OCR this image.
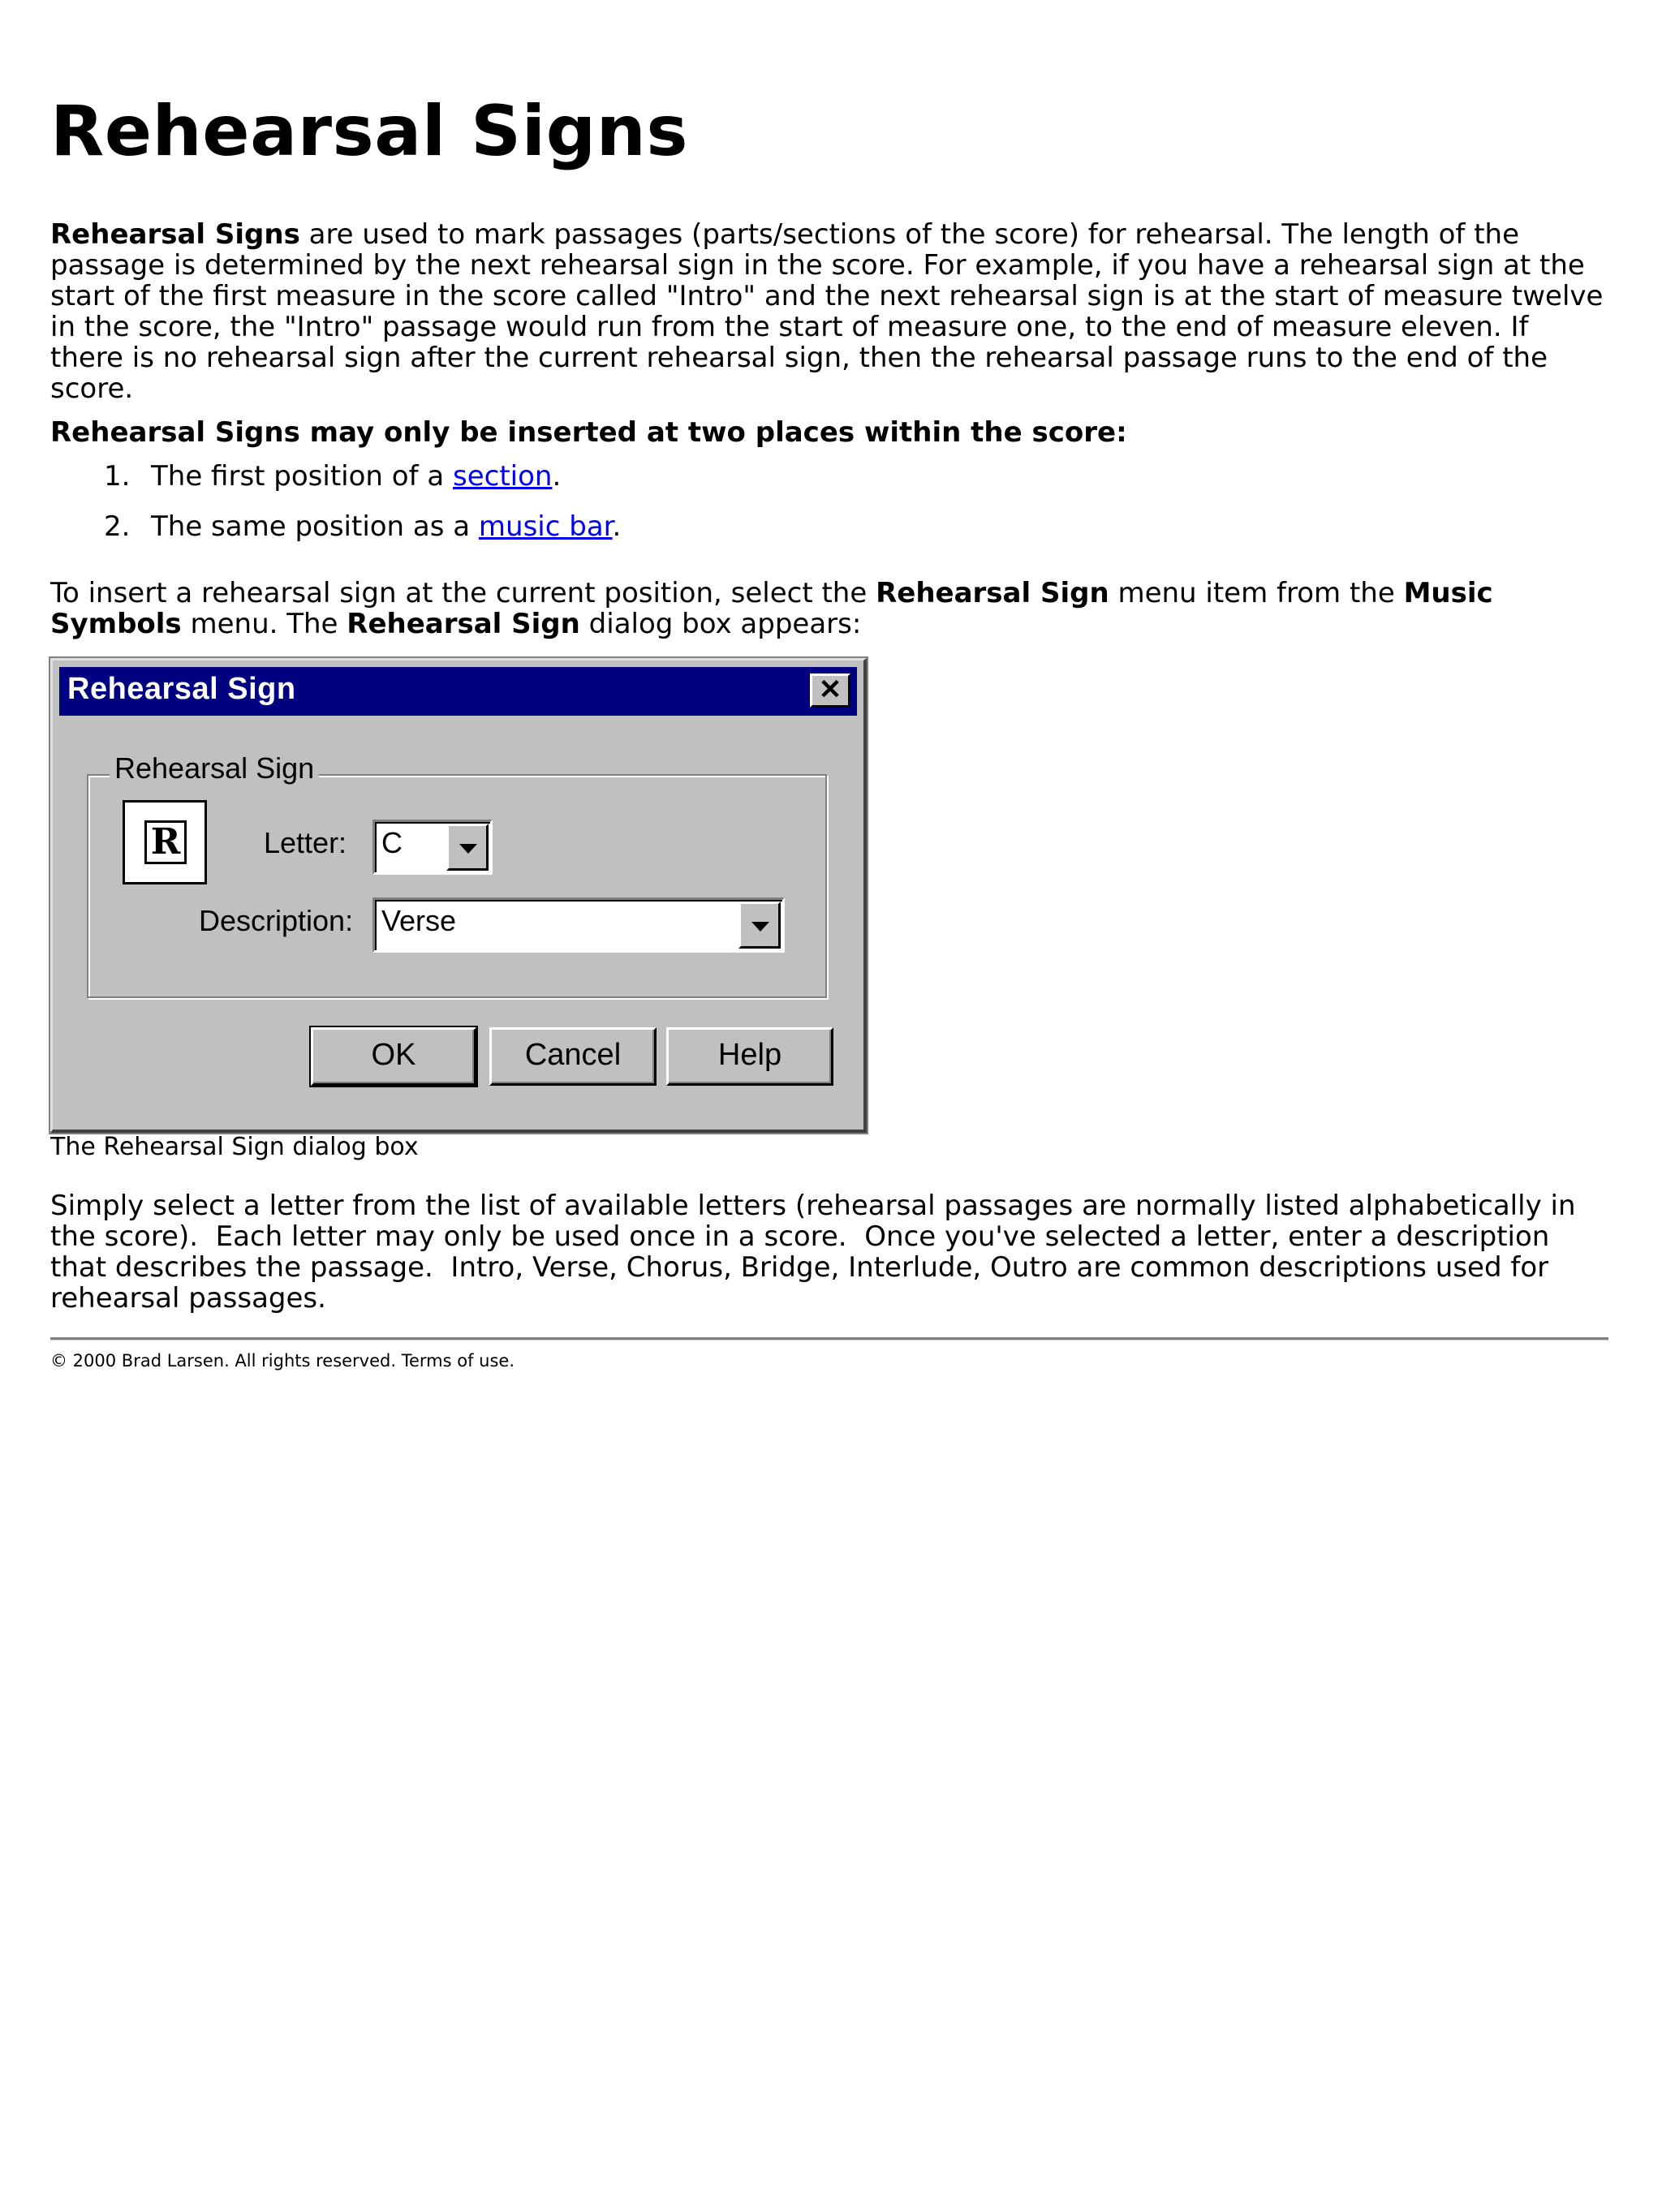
Rehearsal Signs

Rehearsal Signs are used to mark passages (parts/sections of the score) for rehearsal. The length of the passage is determined by the next rehearsal sign in the score. For example, if you have a rehearsal sign at the start of the first measure in the score called "Intro" and the next rehearsal sign is at the start of measure twelve in the score, the "Intro" passage would run from the start of measure one, to the end of measure eleven. If there is no rehearsal sign after the current rehearsal sign, then the rehearsal passage runs to the end of the score.

Rehearsal Signs may only be inserted at two places within the score:

1. The first position of a section.
2. The same position as a music bar.

To insert a rehearsal sign at the current position, select the Rehearsal Sign menu item from the Music Symbols menu. The Rehearsal Sign dialog box appears:

Rehearsal Sign	✕
Rehearsal Sign
R	Letter:	C
Description: Verse
OK	Cancel	Help

The Rehearsal Sign dialog box

Simply select a letter from the list of available letters (rehearsal passages are normally listed alphabetically in the score).  Each letter may only be used once in a score.  Once you've selected a letter, enter a description that describes the passage.  Intro, Verse, Chorus, Bridge, Interlude, Outro are common descriptions used for rehearsal passages.

© 2000 Brad Larsen. All rights reserved. Terms of use.
